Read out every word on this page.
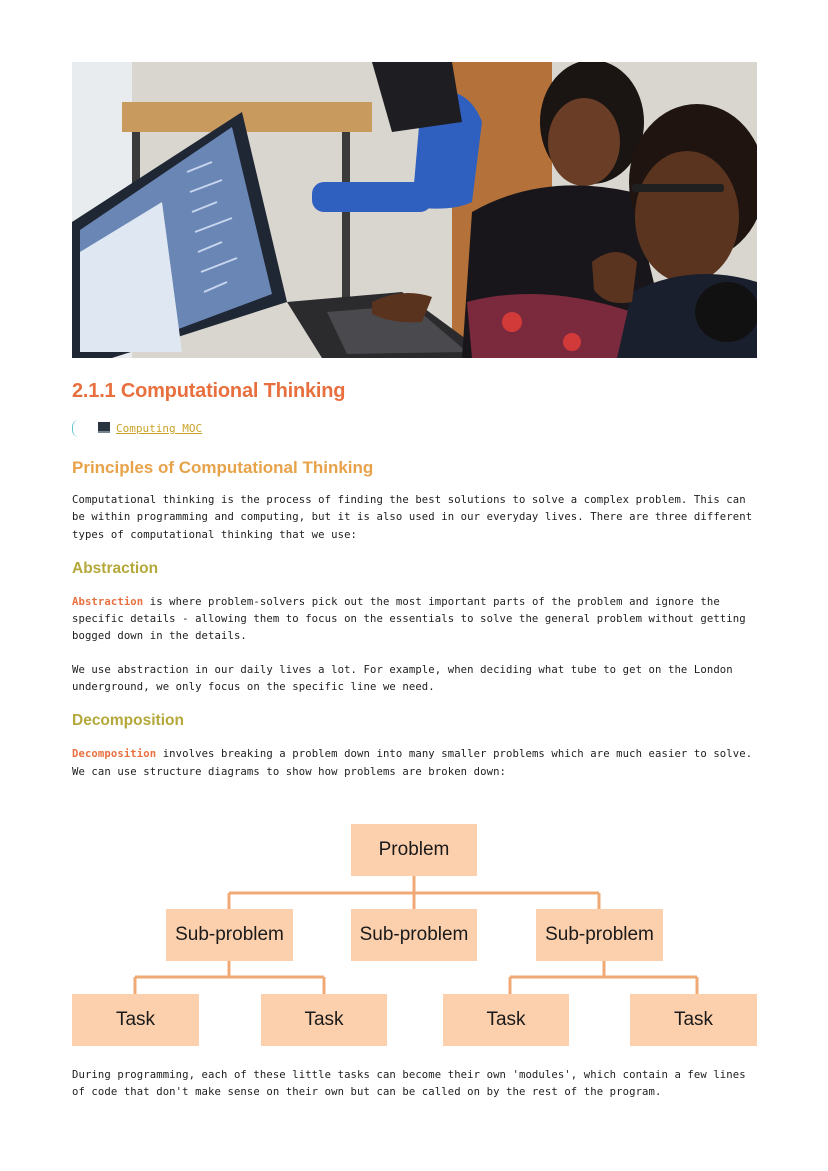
2.1.1 Computational Thinking
Computing MOC
Principles of Computational Thinking

Computational thinking is the process of finding the best solutions to solve a complex problem. This can be within programming and computing, but it is also used in our everyday lives. There are three different types of computational thinking that we use:

Abstraction

Abstraction is where problem-solvers pick out the most important parts of the problem and ignore the specific details - allowing them to focus on the essentials to solve the general problem without getting bogged down in the details.

We use abstraction in our daily lives a lot. For example, when deciding what tube to get on the London underground, we only focus on the specific line we need.

Decomposition

Decomposition involves breaking a problem down into many smaller problems which are much easier to solve. We can use structure diagrams to show how problems are broken down:

Problem
Sub-problem	Sub-problem	Sub-problem
Task	Task	Task	Task

During programming, each of these little tasks can become their own 'modules', which contain a few lines of code that don't make sense on their own but can be called on by the rest of the program.
